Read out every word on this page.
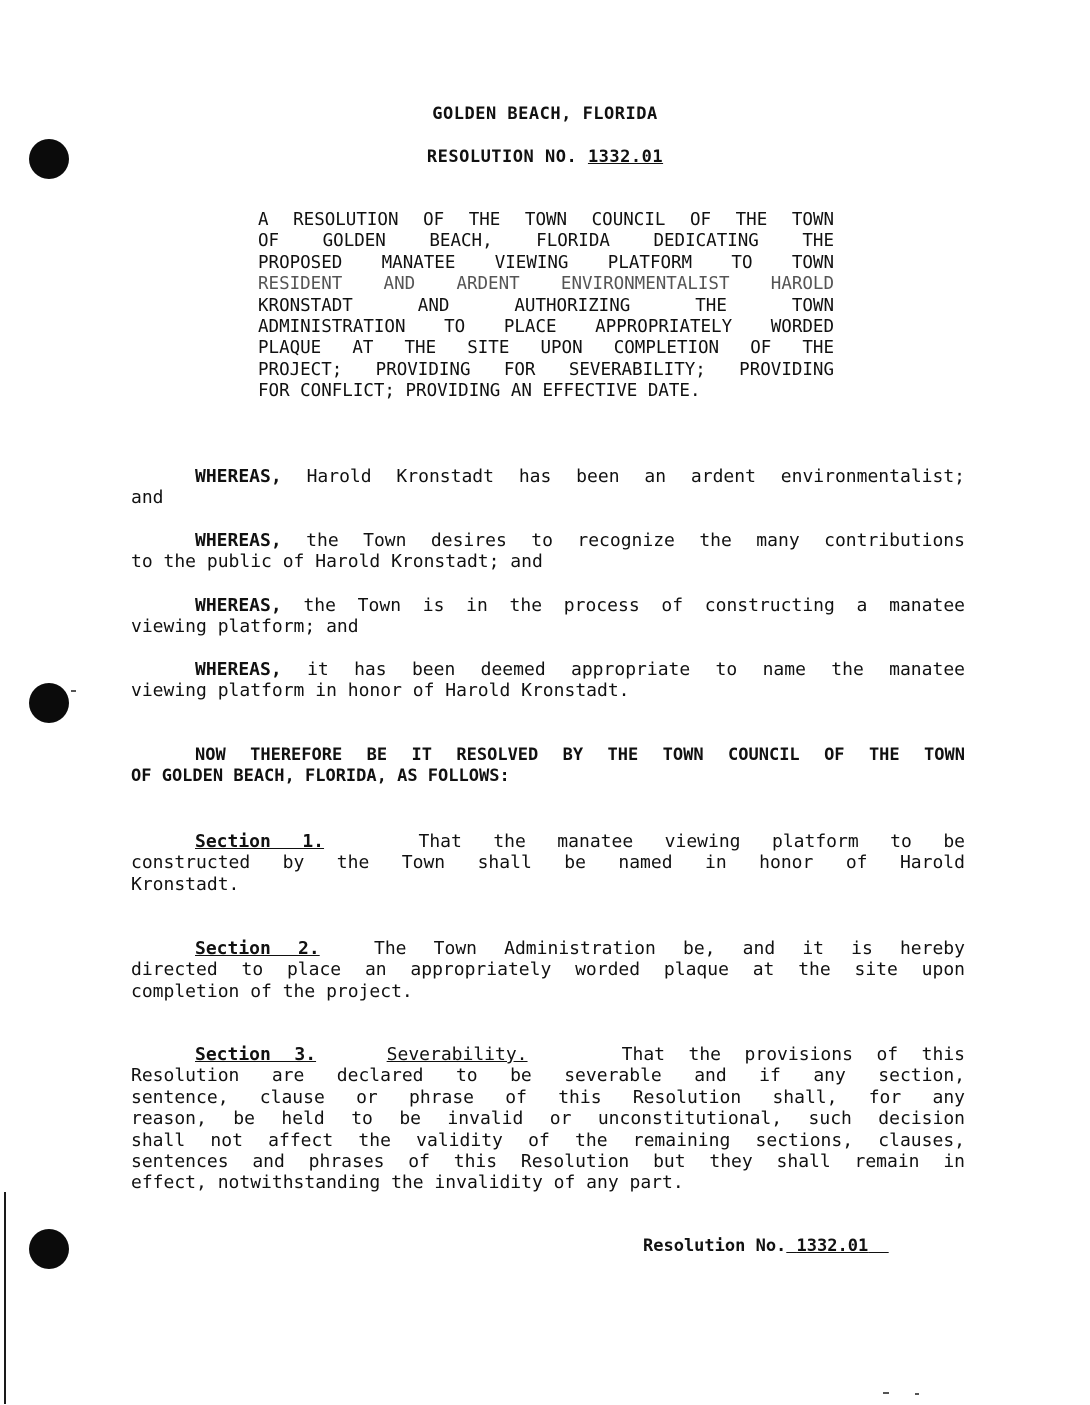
GOLDEN BEACH, FLORIDA
RESOLUTION NO. 1332.01
A RESOLUTION OF THE TOWN COUNCIL OF THE TOWN
OF GOLDEN BEACH, FLORIDA DEDICATING THE
PROPOSED MANATEE VIEWING PLATFORM TO TOWN
RESIDENT AND ARDENT ENVIRONMENTALIST HAROLD
KRONSTADT AND AUTHORIZING THE TOWN
ADMINISTRATION TO PLACE APPROPRIATELY WORDED
PLAQUE AT THE SITE UPON COMPLETION OF THE
PROJECT; PROVIDING FOR SEVERABILITY; PROVIDING
FOR CONFLICT; PROVIDING AN EFFECTIVE DATE.
WHEREAS, Harold Kronstadt has been an ardent environmentalist;
and
WHEREAS, the Town desires to recognize the many contributions
to the public of Harold Kronstadt; and
WHEREAS, the Town is in the process of constructing a manatee
viewing platform; and
WHEREAS, it has been deemed appropriate to name the manatee
viewing platform in honor of Harold Kronstadt.
NOW THEREFORE BE IT RESOLVED BY THE TOWN COUNCIL OF THE TOWN
OF GOLDEN BEACH, FLORIDA, AS FOLLOWS:
Section 1.	That the manatee viewing platform to be
constructed by the Town shall be named in honor of Harold
Kronstadt.
Section 2.	The Town Administration be, and it is hereby
directed to place an appropriately worded plaque at the site upon
completion of the project.
Section 3.	Severability.	That the provisions of this
Resolution are declared to be severable and if any section,
sentence, clause or phrase of this Resolution shall, for any
reason, be held to be invalid or unconstitutional, such decision
shall not affect the validity of the remaining sections, clauses,
sentences and phrases of this Resolution but they shall remain in
effect, notwithstanding the invalidity of any part.
Resolution No. 1332.01
